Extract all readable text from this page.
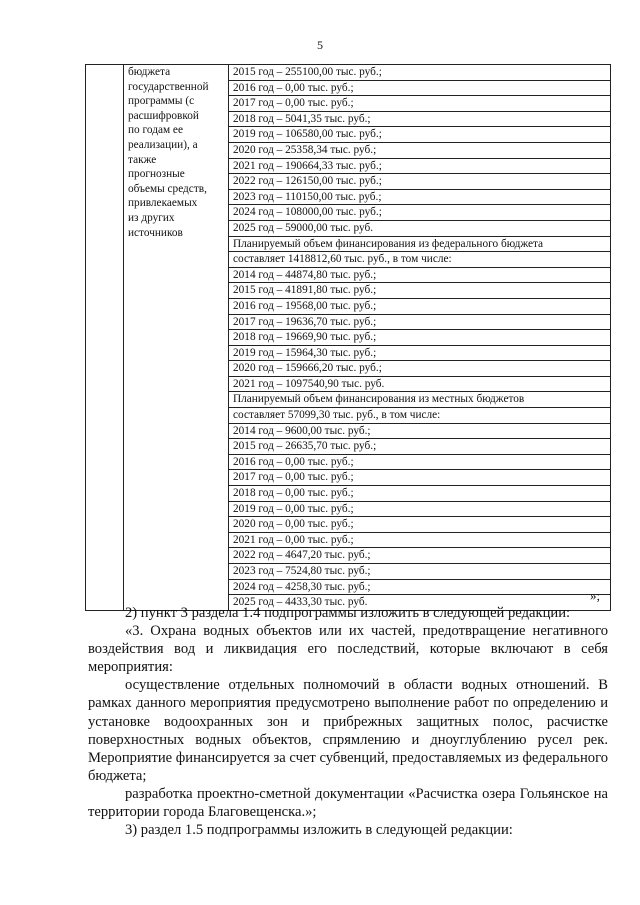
5

бюджета
государственной
программы (с
расшифровкой
по годам ее
реализации), а
также
прогнозные
объемы средств,
привлекаемых
из других
источников

2015 год – 255100,00 тыс. руб.;
2016 год – 0,00 тыс. руб.;
2017 год – 0,00 тыс. руб.;
2018 год – 5041,35 тыс. руб.;
2019 год – 106580,00 тыс. руб.;
2020 год – 25358,34 тыс. руб.;
2021 год – 190664,33 тыс. руб.;
2022 год – 126150,00 тыс. руб.;
2023 год – 110150,00 тыс. руб.;
2024 год – 108000,00 тыс. руб.;
2025 год – 59000,00 тыс. руб.
Планируемый объем финансирования из федерального бюджета
составляет 1418812,60 тыс. руб., в том числе:
2014 год – 44874,80 тыс. руб.;
2015 год – 41891,80 тыс. руб.;
2016 год – 19568,00 тыс. руб.;
2017 год – 19636,70 тыс. руб.;
2018 год – 19669,90 тыс. руб.;
2019 год – 15964,30 тыс. руб.;
2020 год – 159666,20 тыс. руб.;
2021 год – 1097540,90 тыс. руб.
Планируемый объем финансирования из местных бюджетов
составляет 57099,30 тыс. руб., в том числе:
2014 год – 9600,00 тыс. руб.;
2015 год – 26635,70 тыс. руб.;
2016 год – 0,00 тыс. руб.;
2017 год – 0,00 тыс. руб.;
2018 год – 0,00 тыс. руб.;
2019 год – 0,00 тыс. руб.;
2020 год – 0,00 тыс. руб.;
2021 год – 0,00 тыс. руб.;
2022 год – 4647,20 тыс. руб.;
2023 год – 7524,80 тыс. руб.;
2024 год – 4258,30 тыс. руб.;
2025 год – 4433,30 тыс. руб.	»;

2) пункт 3 раздела 1.4 подпрограммы изложить в следующей редакции:

«3. Охрана водных объектов или их частей, предотвращение негативного воздействия вод и ликвидация его последствий, которые включают в себя мероприятия:

осуществление отдельных полномочий в области водных отношений. В рамках данного мероприятия предусмотрено выполнение работ по определению и установке водоохранных зон и прибрежных защитных полос, расчистке поверхностных водных объектов, спрямлению и дноуглублению русел рек. Мероприятие финансируется за счет субвенций, предоставляемых из федерального бюджета;

разработка проектно-сметной документации «Расчистка озера Гольянское на территории города Благовещенска.»;

3) раздел 1.5 подпрограммы изложить в следующей редакции:
